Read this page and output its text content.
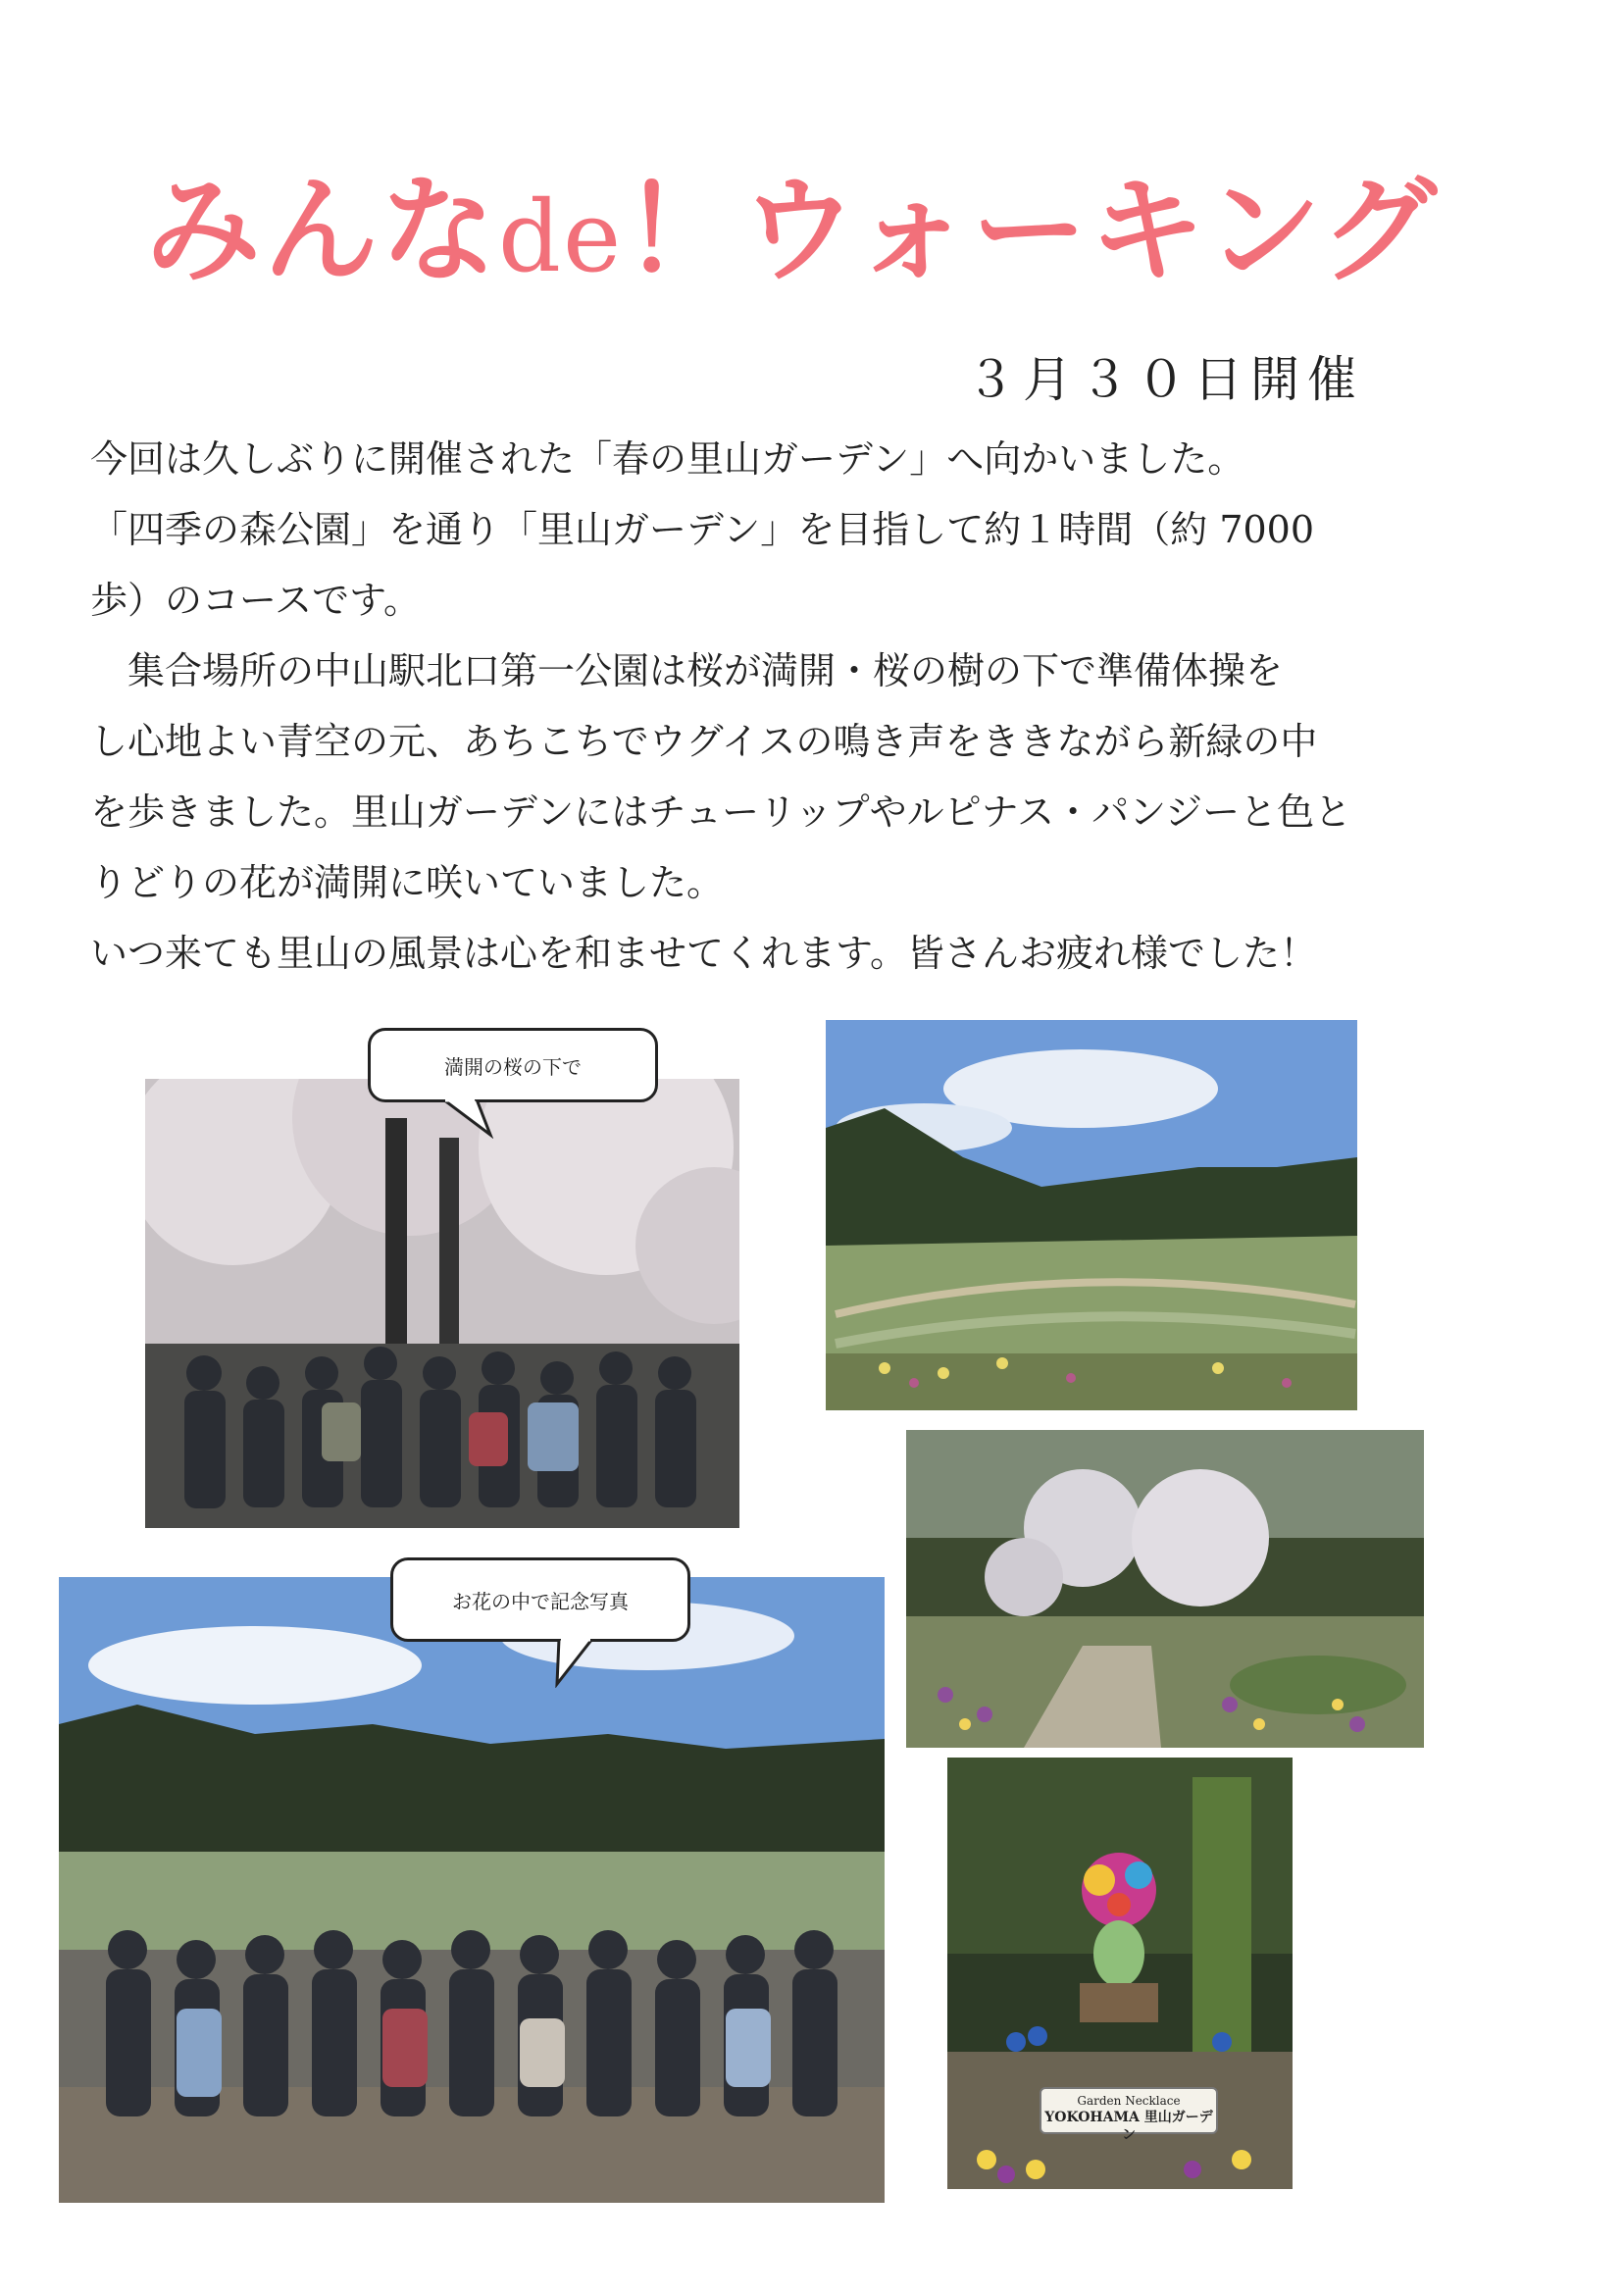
みんなde！ウォーキング
３月３０日開催

今回は久しぶりに開催された「春の里山ガーデン」へ向かいました。

「四季の森公園」を通り「里山ガーデン」を目指して約１時間（約 7000

歩）のコースです。

　集合場所の中山駅北口第一公園は桜が満開・桜の樹の下で準備体操を

し心地よい青空の元、あちこちでウグイスの鳴き声をききながら新緑の中

を歩きました。里山ガーデンにはチューリップやルピナス・パンジーと色と

りどりの花が満開に咲いていました。

いつ来ても里山の風景は心を和ませてくれます。皆さんお疲れ様でした！

満開の桜の下で
お花の中で記念写真
Garden Necklace
YOKOHAMA 里山ガーデン
